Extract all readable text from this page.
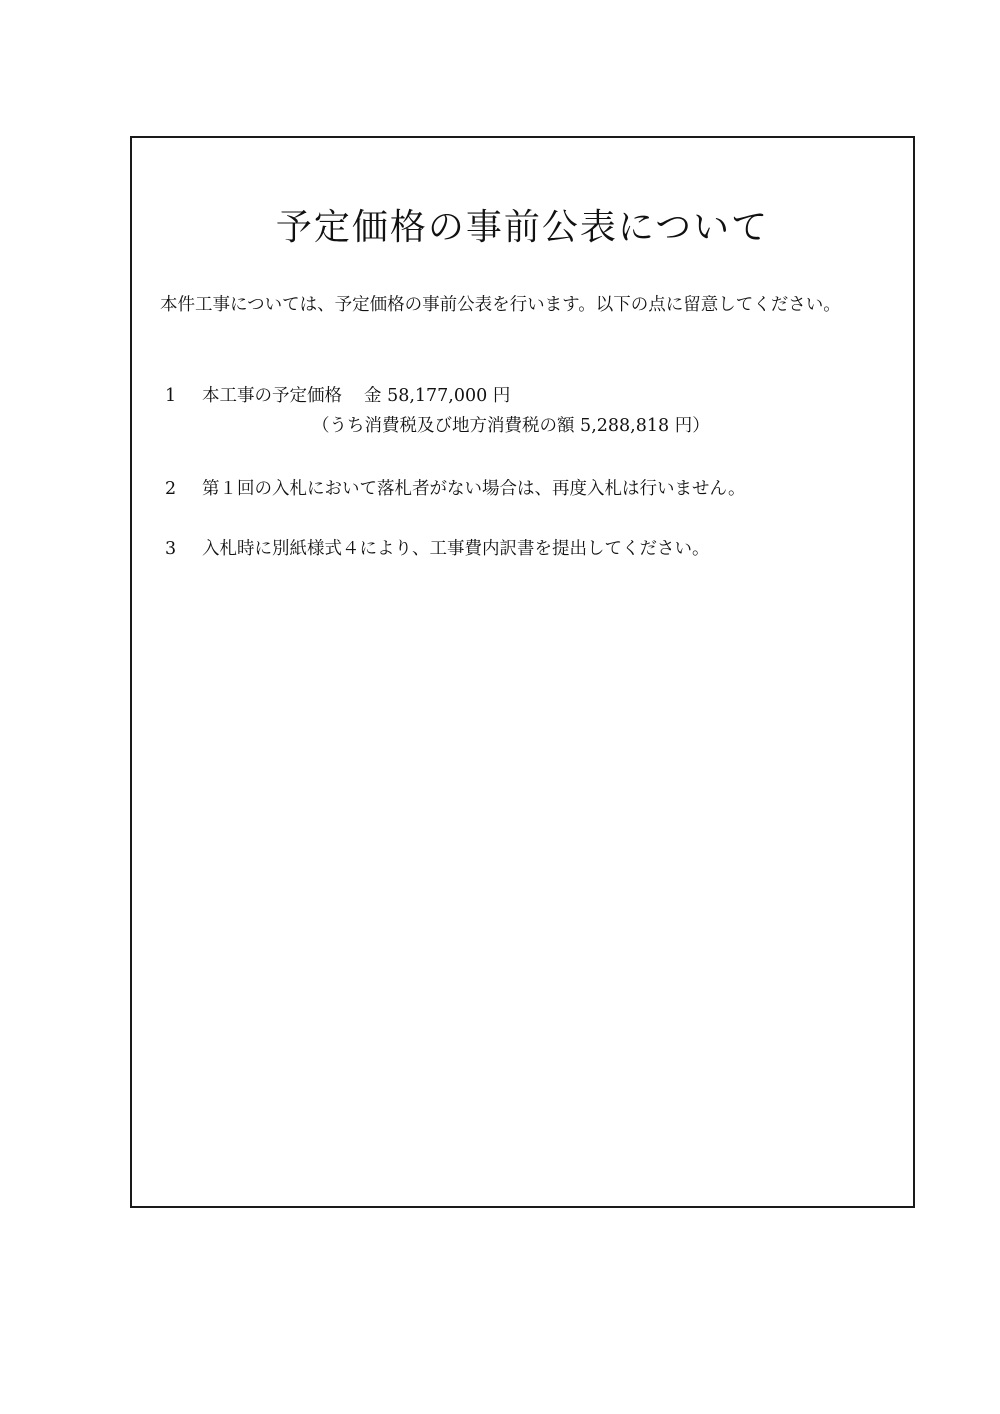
予定価格の事前公表について
本件工事については、予定価格の事前公表を行います。以下の点に留意してください。
1 本工事の予定価格 金 58,177,000 円
（うち消費税及び地方消費税の額 5,288,818 円）
2 第１回の入札において落札者がない場合は、再度入札は行いません。
3 入札時に別紙様式４により、工事費内訳書を提出してください。
